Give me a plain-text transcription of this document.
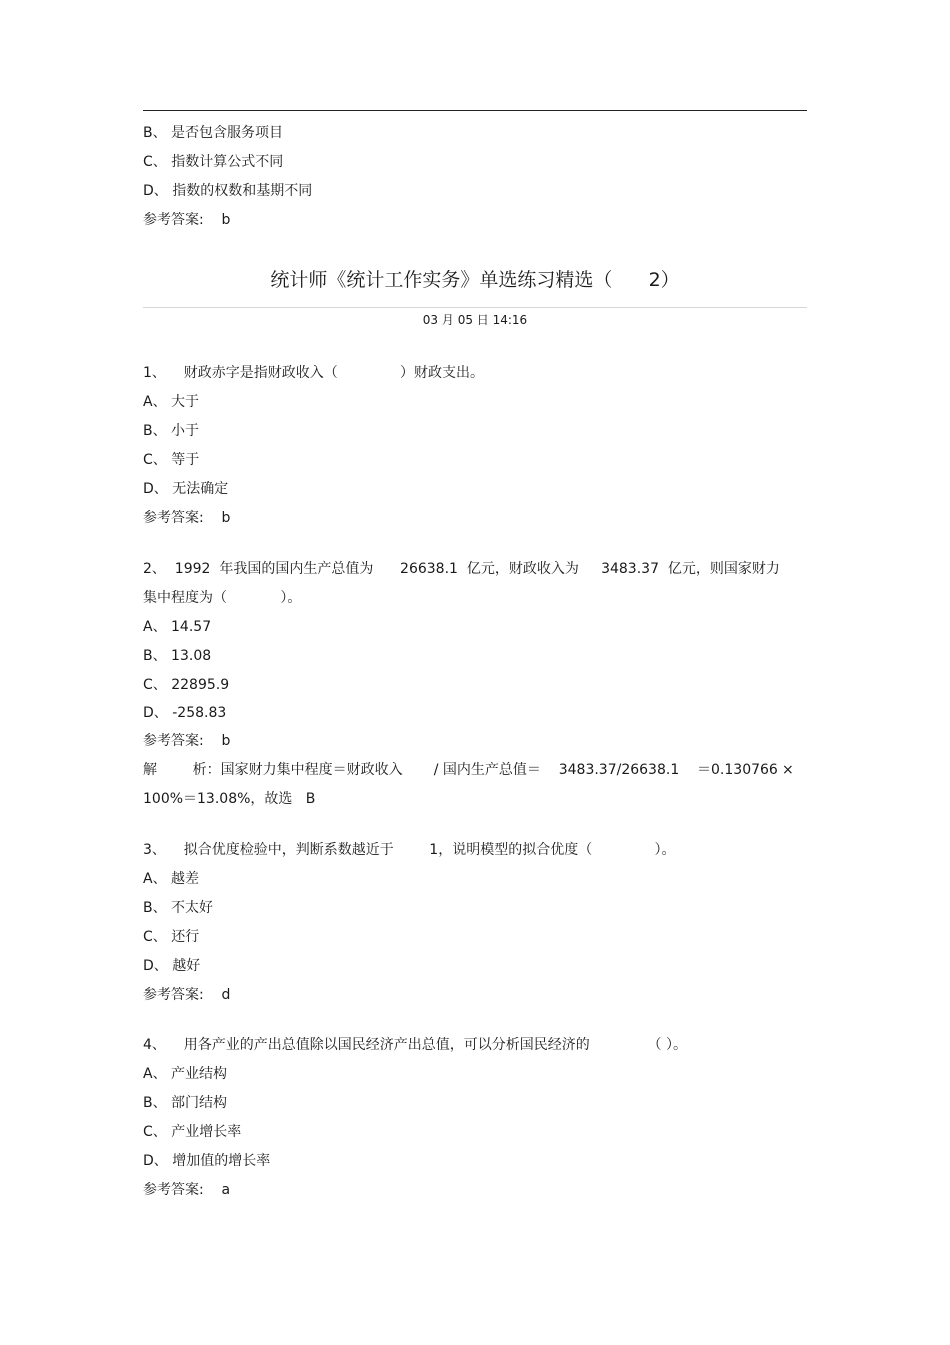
B、 是否包含服务项目
C、 指数计算公式不同
D、 指数的权数和基期不同
参考答案:    b
统计师《统计工作实务》单选练习精选（      2）
03 月 05 日 14:16
1、    财政赤字是指财政收入（              ）财政支出。
A、 大于
B、 小于
C、 等于
D、 无法确定
参考答案:    b
2、  1992  年我国的国内生产总值为      26638.1  亿元，财政收入为     3483.37  亿元，则国家财力
集中程度为（            ）。
A、 14.57
B、 13.08
C、 22895.9
D、 -258.83
参考答案:    b
解        析：国家财力集中程度＝财政收入       / 国内生产总值＝    3483.37/26638.1    ＝0.130766 ×
100%＝13.08%，故选   B
3、    拟合优度检验中，判断系数越近于        1，说明模型的拟合优度（              ）。
A、 越差
B、 不太好
C、 还行
D、 越好
参考答案:    d
4、    用各产业的产出总值除以国民经济产出总值，可以分析国民经济的             （ ）。
A、 产业结构
B、 部门结构
C、 产业增长率
D、 增加值的增长率
参考答案:    a
